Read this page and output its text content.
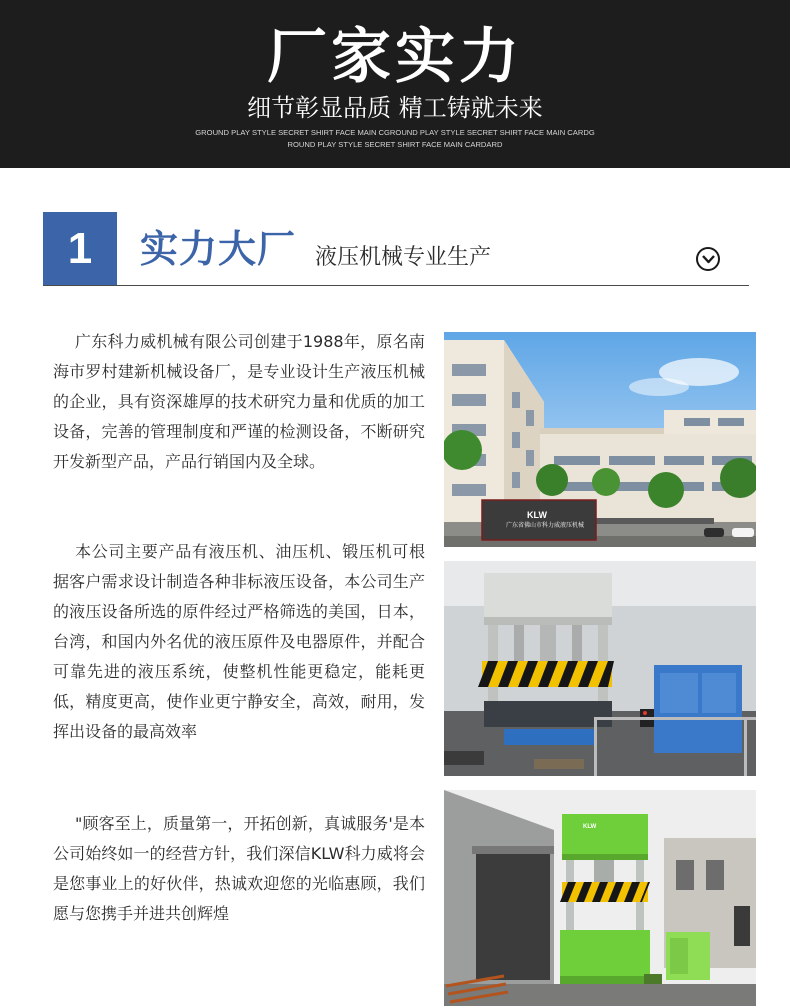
厂家实力
细节彰显品质 精工铸就未来
GROUND PLAY STYLE SECRET SHIRT FACE MAIN CGROUND PLAY STYLE SECRET SHIRT FACE MAIN CARDGROUND PLAY STYLE SECRET SHIRT FACE MAIN CARDARD
1	实力大厂 液压机械专业生产
广东科力威机械有限公司创建于1988年，原名南海市罗村建新机械设备厂，是专业设计生产液压机械的企业，具有资深雄厚的技术研究力量和优质的加工设备，完善的管理制度和严谨的检测设备，不断研究开发新型产品，产品行销国内及全球。
本公司主要产品有液压机、油压机、锻压机可根据客户需求设计制造各种非标液压设备，本公司生产的液压设备所选的原件经过严格筛选的美国，日本，台湾，和国内外名优的液压原件及电器原件，并配合可靠先进的液压系统，使整机性能更稳定，能耗更低，精度更高，使作业更宁静安全，高效，耐用，发挥出设备的最高效率
"顾客至上，质量第一，开拓创新，真诚服务'是本公司始终如一的经营方针，我们深信KLW科力威将会是您事业上的好伙伴，热诚欢迎您的光临惠顾，我们愿与您携手并进共创辉煌
KLW
广东省佛山市科力威液压机械
KLW
